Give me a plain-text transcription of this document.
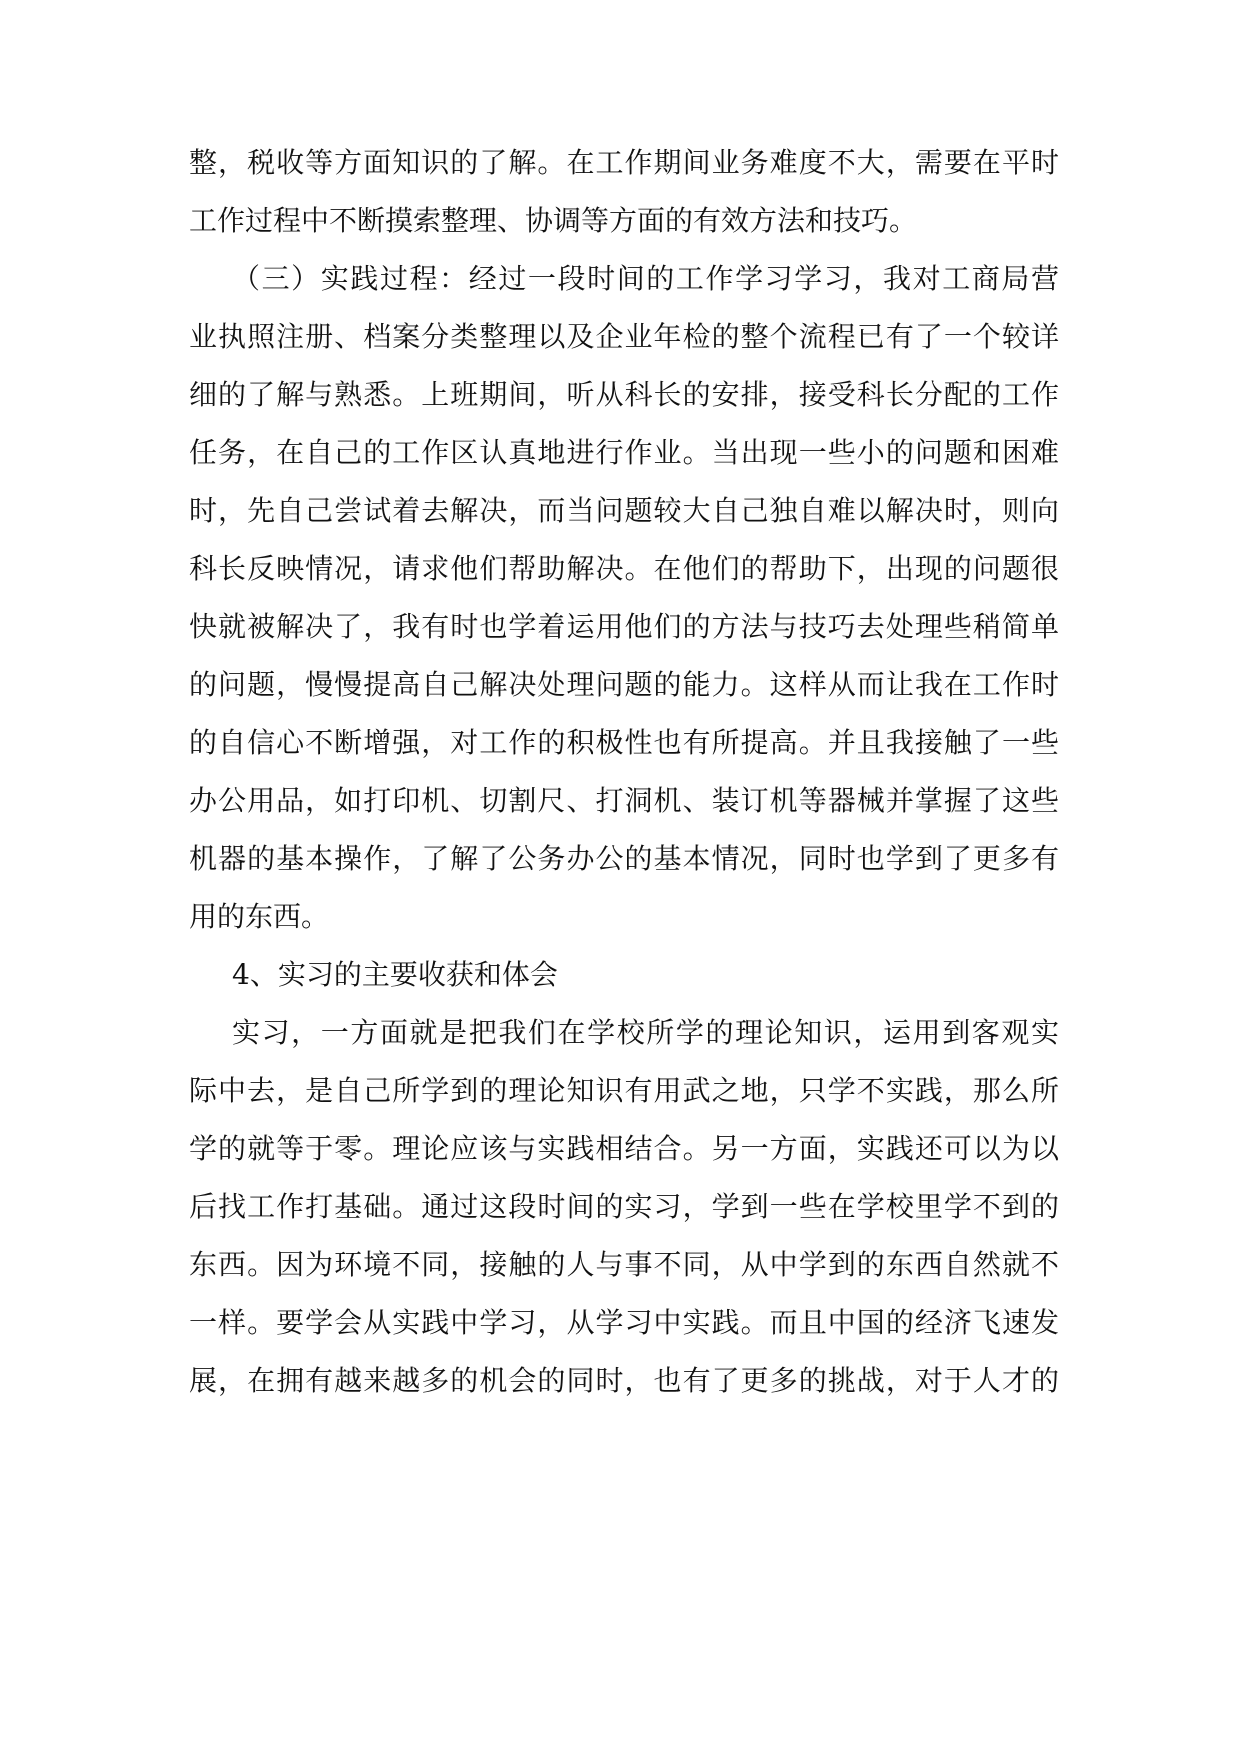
整，税收等方面知识的了解。在工作期间业务难度不大，需要在平时
工作过程中不断摸索整理、协调等方面的有效方法和技巧。
（三）实践过程：经过一段时间的工作学习学习，我对工商局营
业执照注册、档案分类整理以及企业年检的整个流程已有了一个较详
细的了解与熟悉。上班期间，听从科长的安排，接受科长分配的工作
任务，在自己的工作区认真地进行作业。当出现一些小的问题和困难
时，先自己尝试着去解决，而当问题较大自己独自难以解决时，则向
科长反映情况，请求他们帮助解决。在他们的帮助下，出现的问题很
快就被解决了，我有时也学着运用他们的方法与技巧去处理些稍简单
的问题，慢慢提高自己解决处理问题的能力。这样从而让我在工作时
的自信心不断增强，对工作的积极性也有所提高。并且我接触了一些
办公用品，如打印机、切割尺、打洞机、装订机等器械并掌握了这些
机器的基本操作，了解了公务办公的基本情况，同时也学到了更多有
用的东西。
4、实习的主要收获和体会
实习，一方面就是把我们在学校所学的理论知识，运用到客观实
际中去，是自己所学到的理论知识有用武之地，只学不实践，那么所
学的就等于零。理论应该与实践相结合。另一方面，实践还可以为以
后找工作打基础。通过这段时间的实习，学到一些在学校里学不到的
东西。因为环境不同，接触的人与事不同，从中学到的东西自然就不
一样。要学会从实践中学习，从学习中实践。而且中国的经济飞速发
展，在拥有越来越多的机会的同时，也有了更多的挑战，对于人才的
